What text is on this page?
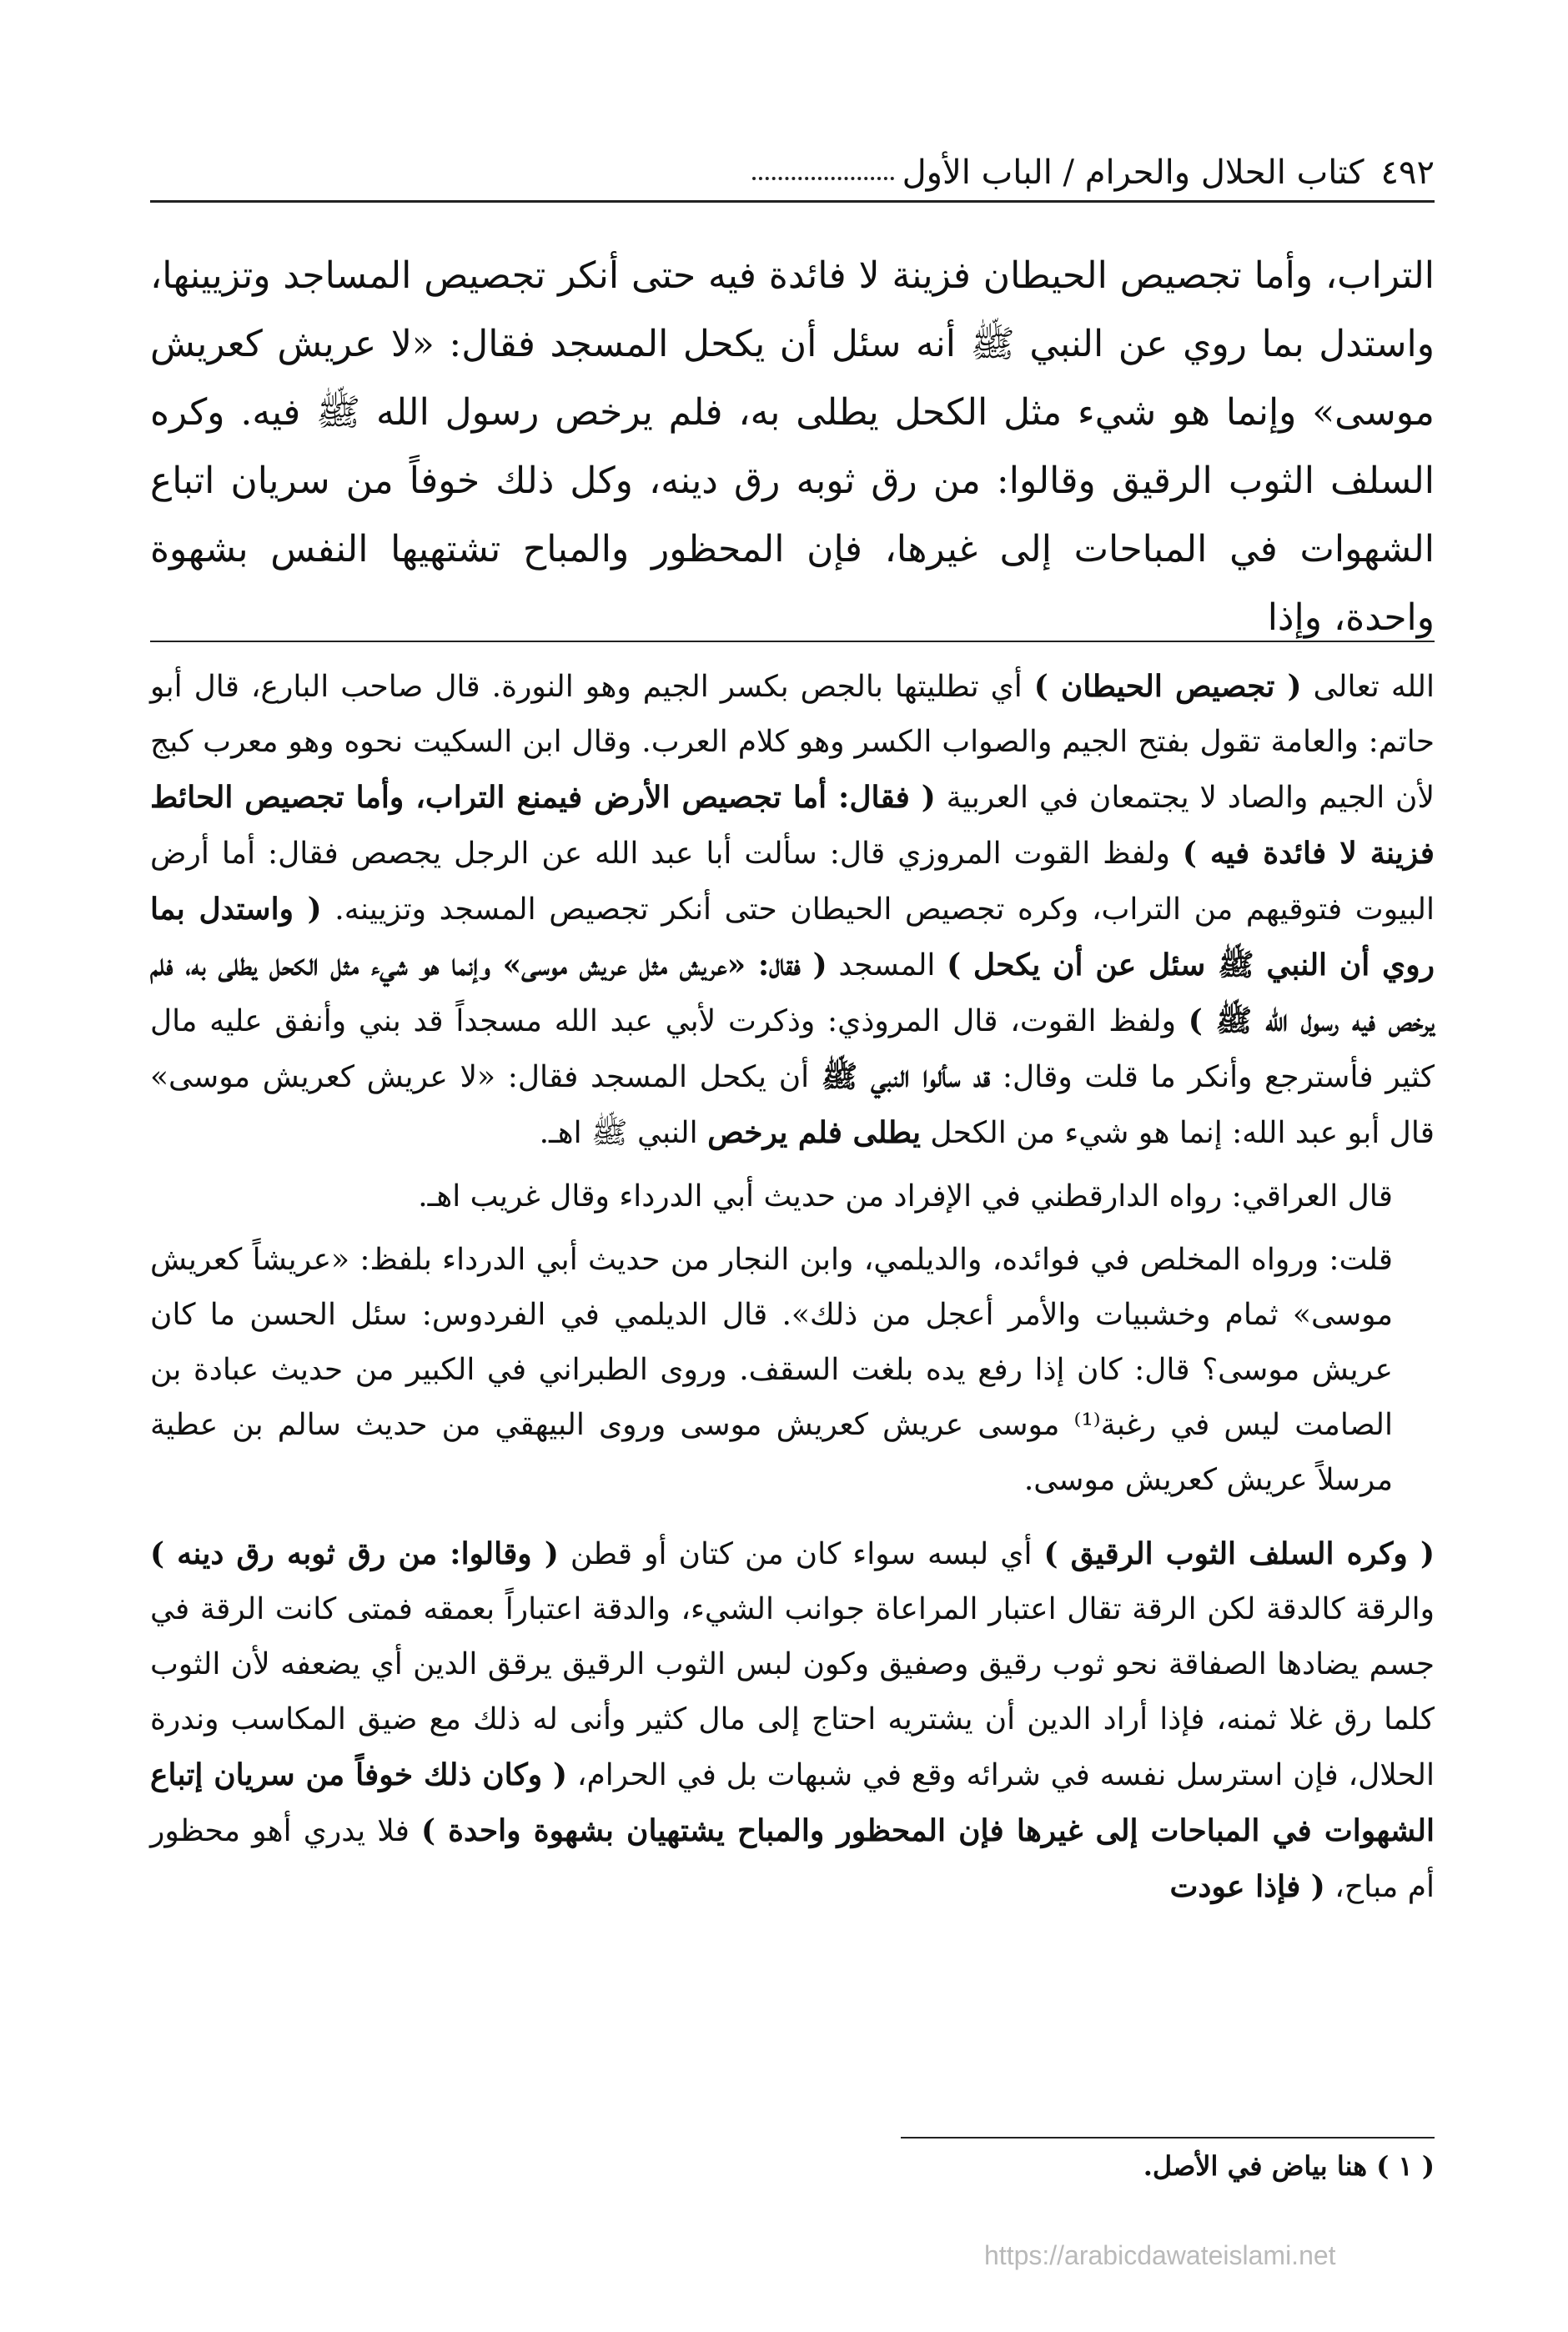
٤٩٢
كتاب الحلال والحرام / الباب الأول

التراب، وأما تجصيص الحيطان فزينة لا فائدة فيه حتى أنكر تجصيص المساجد وتزيينها، واستدل بما روي عن النبي ﷺ أنه سئل أن يكحل المسجد فقال: «لا عريش كعريش موسى» وإنما هو شيء مثل الكحل يطلى به، فلم يرخص رسول الله ﷺ فيه. وكره السلف الثوب الرقيق وقالوا: من رق ثوبه رق دينه، وكل ذلك خوفاً من سريان اتباع الشهوات في المباحات إلى غيرها، فإن المحظور والمباح تشتهيها النفس بشهوة واحدة، وإذا

الله تعالى ( تجصيص الحيطان ) أي تطليتها بالجص بكسر الجيم وهو النورة. قال صاحب البارع، قال أبو حاتم: والعامة تقول بفتح الجيم والصواب الكسر وهو كلام العرب. وقال ابن السكيت نحوه وهو معرب كبج لأن الجيم والصاد لا يجتمعان في العربية ( فقال: أما تجصيص الأرض فيمنع التراب، وأما تجصيص الحائط فزينة لا فائدة فيه ) ولفظ القوت المروزي قال: سألت أبا عبد الله عن الرجل يجصص فقال: أما أرض البيوت فتوقيهم من التراب، وكره تجصيص الحيطان حتى أنكر تجصيص المسجد وتزيينه. ( واستدل بما روي أن النبي ﷺ سئل عن أن يكحل ) المسجد ( فقال: «عريش مثل عريش موسى» وإنما هو شيء مثل الكحل يطلى به، فلم يرخص فيه رسول الله ﷺ ) ولفظ القوت، قال المروذي: وذكرت لأبي عبد الله مسجداً قد بني وأنفق عليه مال كثير فأسترجع وأنكر ما قلت وقال: قد سألوا النبي ﷺ أن يكحل المسجد فقال: «لا عريش كعريش موسى» قال أبو عبد الله: إنما هو شيء من الكحل يطلى فلم يرخص النبي ﷺ اهـ.

قال العراقي: رواه الدارقطني في الإفراد من حديث أبي الدرداء وقال غريب اهـ.

قلت: ورواه المخلص في فوائده، والديلمي، وابن النجار من حديث أبي الدرداء بلفظ: «عريشاً كعريش موسى» ثمام وخشبيات والأمر أعجل من ذلك». قال الديلمي في الفردوس: سئل الحسن ما كان عريش موسى؟ قال: كان إذا رفع يده بلغت السقف. وروى الطبراني في الكبير من حديث عبادة بن الصامت ليس في رغبة⁽¹⁾ موسى عريش كعريش موسى وروى البيهقي من حديث سالم بن عطية مرسلاً عريش كعريش موسى.

( وكره السلف الثوب الرقيق ) أي لبسه سواء كان من كتان أو قطن ( وقالوا: من رق ثوبه رق دينه ) والرقة كالدقة لكن الرقة تقال اعتبار المراعاة جوانب الشيء، والدقة اعتباراً بعمقه فمتى كانت الرقة في جسم يضادها الصفاقة نحو ثوب رقيق وصفيق وكون لبس الثوب الرقيق يرقق الدين أي يضعفه لأن الثوب كلما رق غلا ثمنه، فإذا أراد الدين أن يشتريه احتاج إلى مال كثير وأنى له ذلك مع ضيق المكاسب وندرة الحلال، فإن استرسل نفسه في شرائه وقع في شبهات بل في الحرام، ( وكان ذلك خوفاً من سريان إتباع الشهوات في المباحات إلى غيرها فإن المحظور والمباح يشتهيان بشهوة واحدة ) فلا يدري أهو محظور أم مباح، ( فإذا عودت

( ١ ) هنا بياض في الأصل.
https://arabicdawateislami.net
